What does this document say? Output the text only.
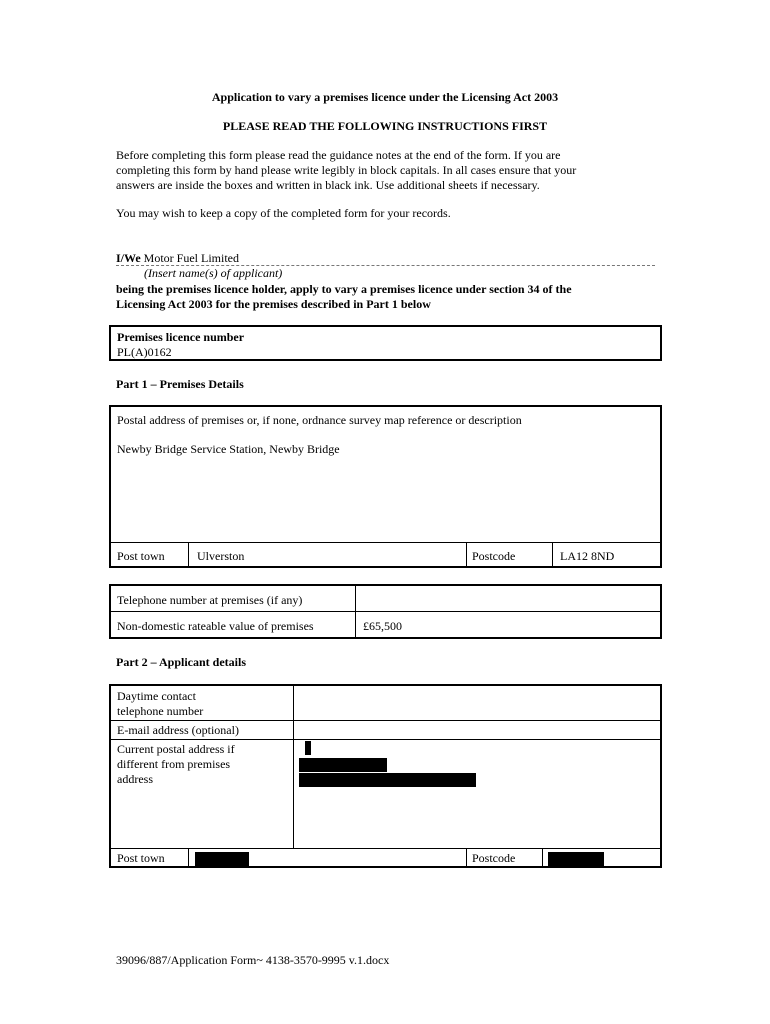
Application to vary a premises licence under the Licensing Act 2003
PLEASE READ THE FOLLOWING INSTRUCTIONS FIRST
Before completing this form please read the guidance notes at the end of the form. If you are
completing this form by hand please write legibly in block capitals. In all cases ensure that your
answers are inside the boxes and written in black ink. Use additional sheets if necessary.
You may wish to keep a copy of the completed form for your records.
I/We Motor Fuel Limited
(Insert name(s) of applicant)
being the premises licence holder, apply to vary a premises licence under section 34 of the
Licensing Act 2003 for the premises described in Part 1 below
Premises licence number
PL(A)0162
Part 1 – Premises Details
Postal address of premises or, if none, ordnance survey map reference or description
Newby Bridge Service Station, Newby Bridge
Post town	Ulverston	Postcode	LA12 8ND
Telephone number at premises (if any)
Non-domestic rateable value of premises	£65,500
Part 2 – Applicant details
Daytime contact
telephone number
E-mail address (optional)
Current postal address if
different from premises
address
Post town	Postcode
39096/887/Application Form~ 4138-3570-9995 v.1.docx
